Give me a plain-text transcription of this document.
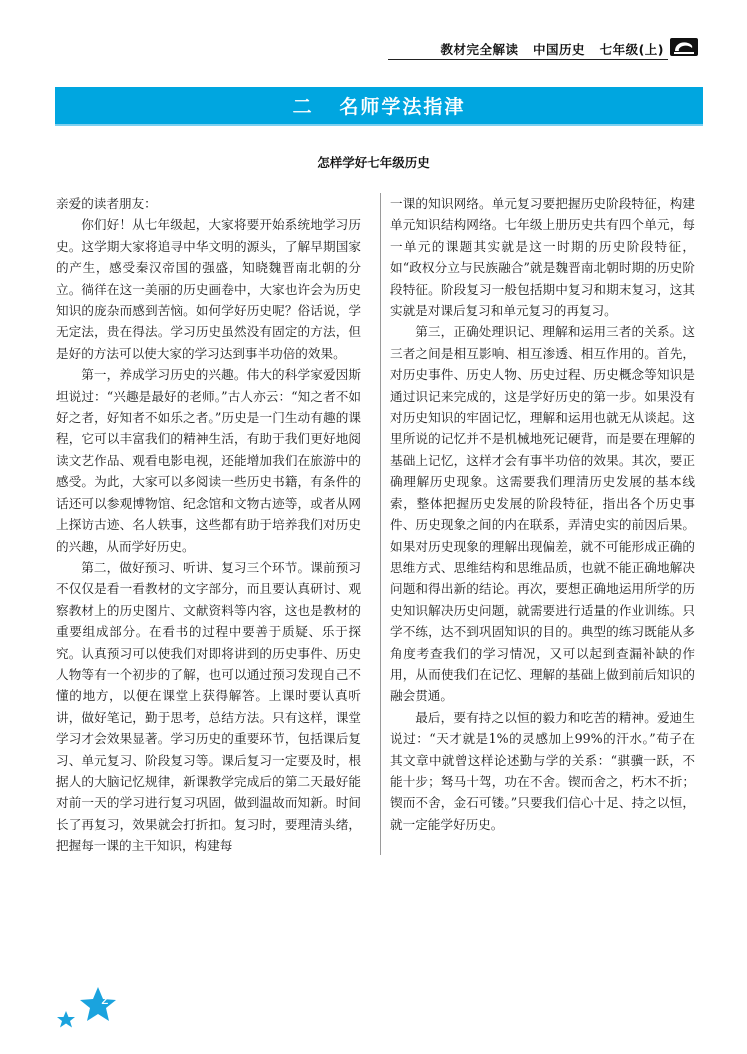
教材完全解读   中国历史   七年级(上)
二   名师学法指津
怎样学好七年级历史

亲爱的读者朋友：

你们好！从七年级起，大家将要开始系统地学习历史。这学期大家将追寻中华文明的源头，了解早期国家的产生，感受秦汉帝国的强盛，知晓魏晋南北朝的分立。徜徉在这一美丽的历史画卷中，大家也许会为历史知识的庞杂而感到苦恼。如何学好历史呢？俗话说，学无定法，贵在得法。学习历史虽然没有固定的方法，但是好的方法可以使大家的学习达到事半功倍的效果。

第一，养成学习历史的兴趣。伟大的科学家爱因斯坦说过：“兴趣是最好的老师。”古人亦云：“知之者不如好之者，好知者不如乐之者。”历史是一门生动有趣的课程，它可以丰富我们的精神生活，有助于我们更好地阅读文艺作品、观看电影电视，还能增加我们在旅游中的感受。为此，大家可以多阅读一些历史书籍，有条件的话还可以参观博物馆、纪念馆和文物古迹等，或者从网上探访古迹、名人轶事，这些都有助于培养我们对历史的兴趣，从而学好历史。

第二，做好预习、听讲、复习三个环节。课前预习不仅仅是看一看教材的文字部分，而且要认真研讨、观察教材上的历史图片、文献资料等内容，这也是教材的重要组成部分。在看书的过程中要善于质疑、乐于探究。认真预习可以使我们对即将讲到的历史事件、历史人物等有一个初步的了解，也可以通过预习发现自己不懂的地方，以便在课堂上获得解答。上课时要认真听讲，做好笔记，勤于思考，总结方法。只有这样，课堂学习才会效果显著。学习历史的重要环节，包括课后复习、单元复习、阶段复习等。课后复习一定要及时，根据人的大脑记忆规律，新课教学完成后的第二天最好能对前一天的学习进行复习巩固，做到温故而知新。时间长了再复习，效果就会打折扣。复习时，要理清头绪，把握每一课的主干知识，构建每

一课的知识网络。单元复习要把握历史阶段特征，构建单元知识结构网络。七年级上册历史共有四个单元，每一单元的课题其实就是这一时期的历史阶段特征，如“政权分立与民族融合”就是魏晋南北朝时期的历史阶段特征。阶段复习一般包括期中复习和期末复习，这其实就是对课后复习和单元复习的再复习。

第三，正确处理识记、理解和运用三者的关系。这三者之间是相互影响、相互渗透、相互作用的。首先，对历史事件、历史人物、历史过程、历史概念等知识是通过识记来完成的，这是学好历史的第一步。如果没有对历史知识的牢固记忆，理解和运用也就无从谈起。这里所说的记忆并不是机械地死记硬背，而是要在理解的基础上记忆，这样才会有事半功倍的效果。其次，要正确理解历史现象。这需要我们理清历史发展的基本线索，整体把握历史发展的阶段特征，指出各个历史事件、历史现象之间的内在联系，弄清史实的前因后果。如果对历史现象的理解出现偏差，就不可能形成正确的思维方式、思维结构和思维品质，也就不能正确地解决问题和得出新的结论。再次，要想正确地运用所学的历史知识解决历史问题，就需要进行适量的作业训练。只学不练，达不到巩固知识的目的。典型的练习既能从多角度考查我们的学习情况，又可以起到查漏补缺的作用，从而使我们在记忆、理解的基础上做到前后知识的融会贯通。

最后，要有持之以恒的毅力和吃苦的精神。爱迪生说过：“天才就是1%的灵感加上99%的汗水。”荀子在其文章中就曾这样论述勤与学的关系：“骐骥一跃，不能十步；驽马十驾，功在不舍。锲而舍之，朽木不折；锲而不舍，金石可镂。”只要我们信心十足、持之以恒，就一定能学好历史。

2
